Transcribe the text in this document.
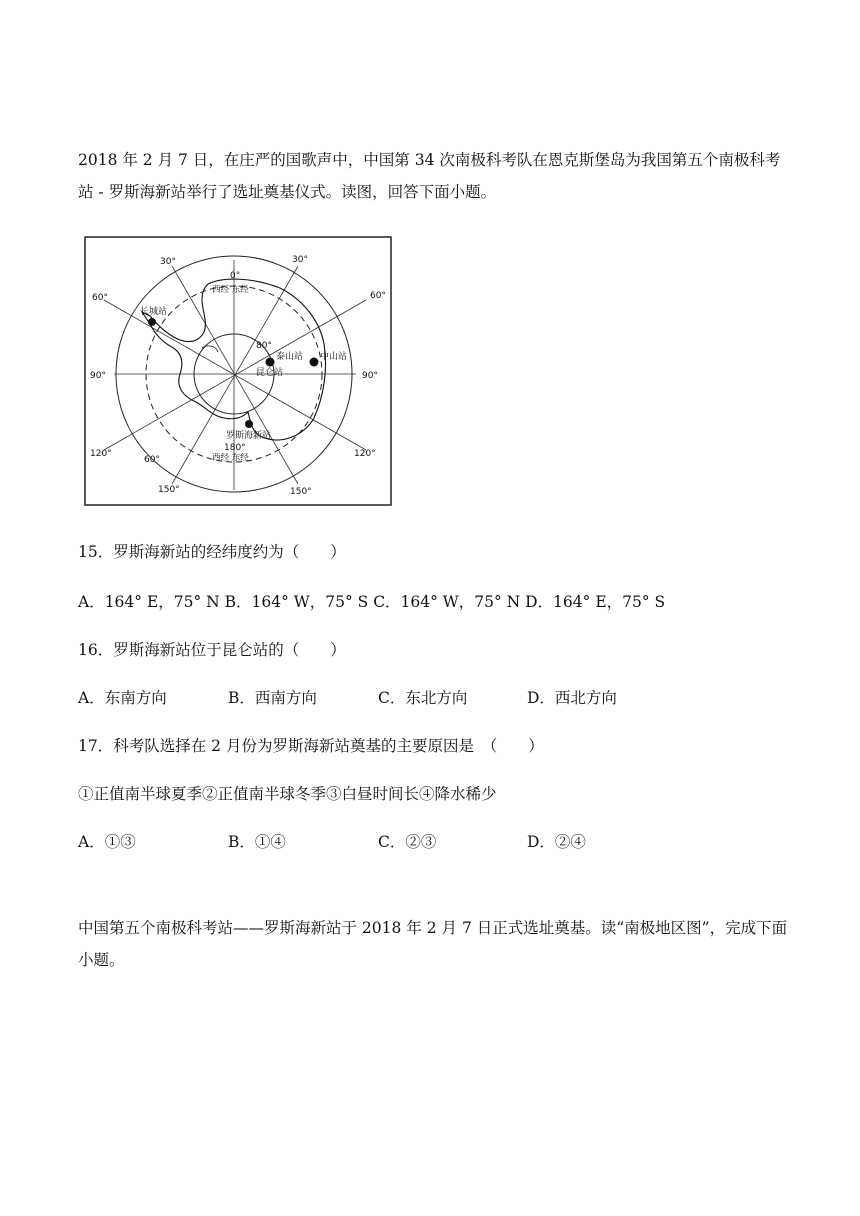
2018 年 2 月 7 日，在庄严的国歌声中，中国第 34 次南极科考队在恩克斯堡岛为我国第五个南极科考站 - 罗斯海新站举行了选址奠基仪式。读图，回答下面小题。

0°
30°	30°
60°	60°
90°	90°
120°	120°
150°	150°
180°
80°
60°
西经 东经
西经 东经
长城站
泰山站 中山站
昆仑站
罗斯海新站
15．罗斯海新站的经纬度约为（　　）
A．164° E，75° N B．164° W，75° S C．164° W，75° N D．164° E，75° S
16．罗斯海新站位于昆仑站的（　　）
A．东南方向	B．西南方向	C．东北方向	D．西北方向
17．科考队选择在 2 月份为罗斯海新站奠基的主要原因是　（　　）
①正值南半球夏季②正值南半球冬季③白昼时间长④降水稀少
A．①③	B．①④	C．②③	D．②④

中国第五个南极科考站——罗斯海新站于 2018 年 2 月 7 日正式选址奠基。读“南极地区图”，完成下面小题。
